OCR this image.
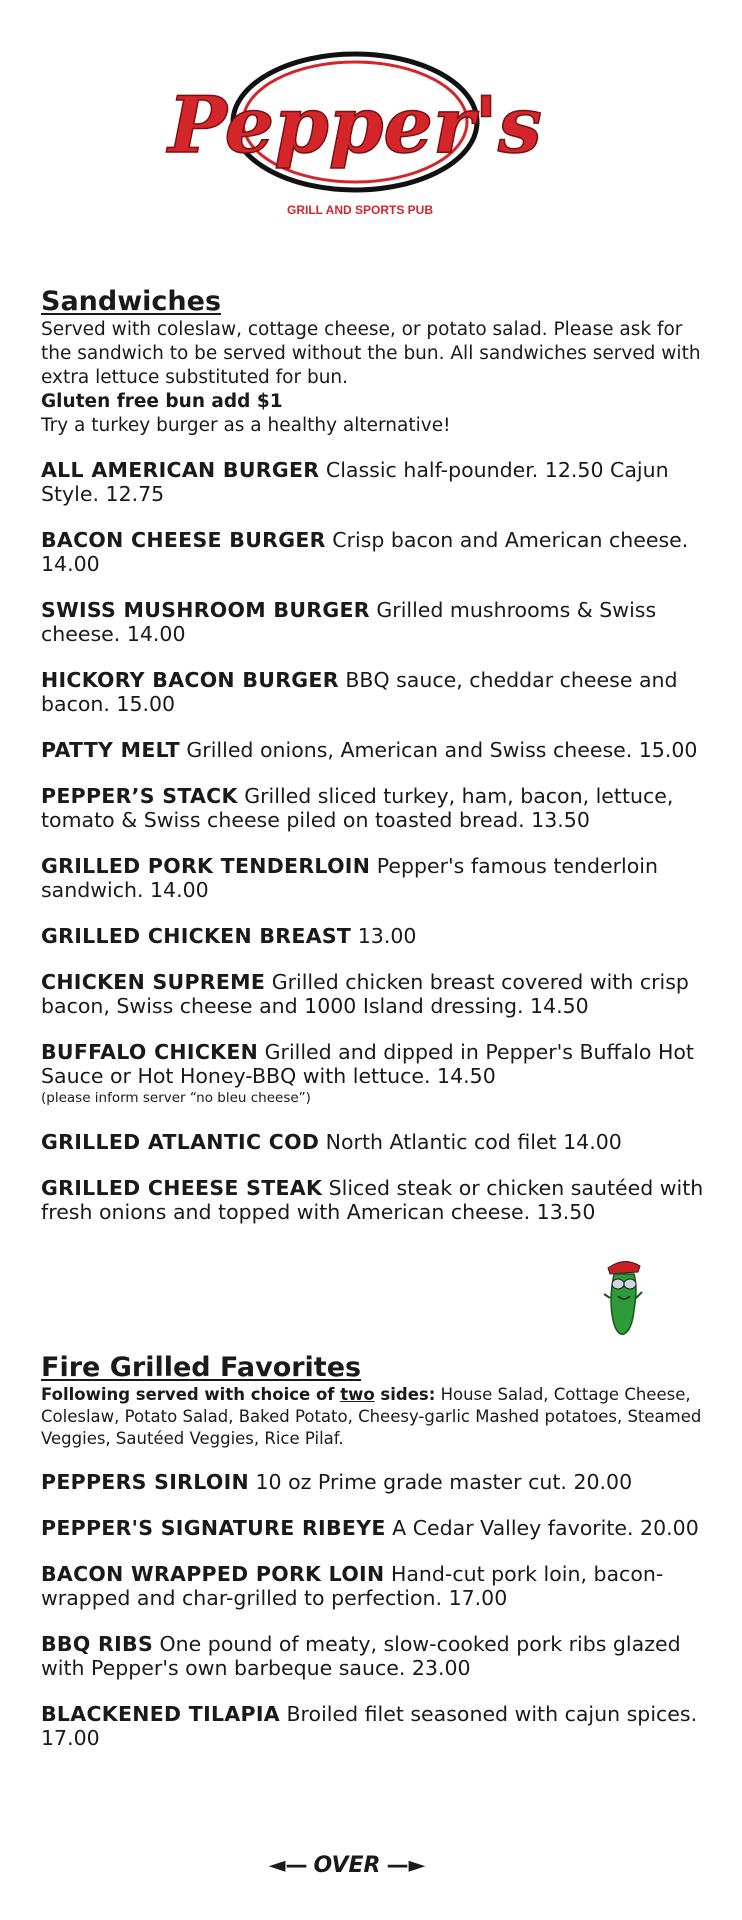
Pepper's
GRILL AND SPORTS PUB
Sandwiches
Served with coleslaw, cottage cheese, or potato salad. Please ask for the sandwich to be served without the bun. All sandwiches served with extra lettuce substituted for bun.
Gluten free bun add $1
Try a turkey burger as a healthy alternative!
ALL AMERICAN BURGER Classic half-pounder. 12.50 Cajun Style. 12.75
BACON CHEESE BURGER Crisp bacon and American cheese. 14.00
SWISS MUSHROOM BURGER Grilled mushrooms & Swiss cheese. 14.00
HICKORY BACON BURGER BBQ sauce, cheddar cheese and bacon. 15.00
PATTY MELT Grilled onions, American and Swiss cheese. 15.00
PEPPER’S STACK Grilled sliced turkey, ham, bacon, lettuce, tomato & Swiss cheese piled on toasted bread. 13.50
GRILLED PORK TENDERLOIN Pepper's famous tenderloin sandwich. 14.00
GRILLED CHICKEN BREAST 13.00
CHICKEN SUPREME Grilled chicken breast covered with crisp bacon, Swiss cheese and 1000 Island dressing. 14.50
BUFFALO CHICKEN Grilled and dipped in Pepper's Buffalo Hot Sauce or Hot Honey-BBQ with lettuce. 14.50
(please inform server “no bleu cheese”)
GRILLED ATLANTIC COD North Atlantic cod filet 14.00
GRILLED CHEESE STEAK Sliced steak or chicken sautéed with fresh onions and topped with American cheese. 13.50
Fire Grilled Favorites
Following served with choice of two sides: House Salad, Cottage Cheese, Coleslaw, Potato Salad, Baked Potato, Cheesy-garlic Mashed potatoes, Steamed Veggies, Sautéed Veggies, Rice Pilaf.
PEPPERS SIRLOIN 10 oz Prime grade master cut. 20.00
PEPPER'S SIGNATURE RIBEYE A Cedar Valley favorite. 20.00
BACON WRAPPED PORK LOIN Hand-cut pork loin, bacon-wrapped and char-grilled to perfection. 17.00
BBQ RIBS One pound of meaty, slow-cooked pork ribs glazed with Pepper's own barbeque sauce. 23.00
BLACKENED TILAPIA Broiled filet seasoned with cajun spices. 17.00
◄— OVER —►
